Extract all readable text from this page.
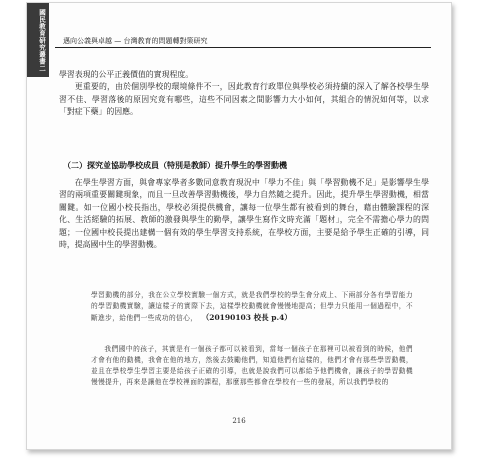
國民教育研究叢書二 邁向公義與卓越 — 台灣教育的問題轉對策研究

學習表現的公平正義價值的實現程度。

更重要的，由於個別學校的環境條件不一，因此教育行政單位與學校必須持續的深入了解各校學生學習不佳、學習落後的原因究竟有哪些，這些不同因素之間影響力大小如何，其組合的情況如何等，以求「對症下藥」的因應。

（二）探究並協助學校成員（特別是教師）提升學生的學習動機

在學生學習方面，與會專家學者多數同意教育現況中「學力不佳」與「學習動機不足」是影響學生學習的兩項重要關鍵現象，而且一旦改善學習動機後，學力自然隨之提升。因此，提升學生學習動機，相當關鍵。如一位國小校長指出，學校必須提供機會，讓每一位學生都有被看到的舞台，藉由體驗課程的深化、生活經驗的拓展、教師的激發與學生的勤學，讓學生寫作文時充滿「題材」，完全不需擔心學力的問題；一位國中校長提出建構一個有效的學生學習支持系統，在學校方面，主要是給予學生正確的引導，同時，提高國中生的學習動機。

學習動機的部分，我在公立學校實驗一個方式，就是我們學校的學生會分成上、下兩部分各有學習能力的學習動機實驗，讓這樣子的實際下去，這樣學校動機就會慢慢地提高；但學力只能用一個過程中，不斷進步，給他們一些成功的信心， （20190103 校長 p.4）

我們國中的孩子，其實是有一個孩子都可以被看到，當每一個孩子在那裡可以被看到的時候，他們才會有他的動機，我會在他的地方，然後去鼓勵他們，知道他們有這樣的，他們才會有那些學習動機，並且在學校學生學習主要是給孩子正確的引導，也就是說我們可以都給予他們機會，讓孩子的學習動機慢慢提升，再來是讓他在學校裡面的課程，那麼那些都會在學校有一些的發展，所以我們學校的

216
